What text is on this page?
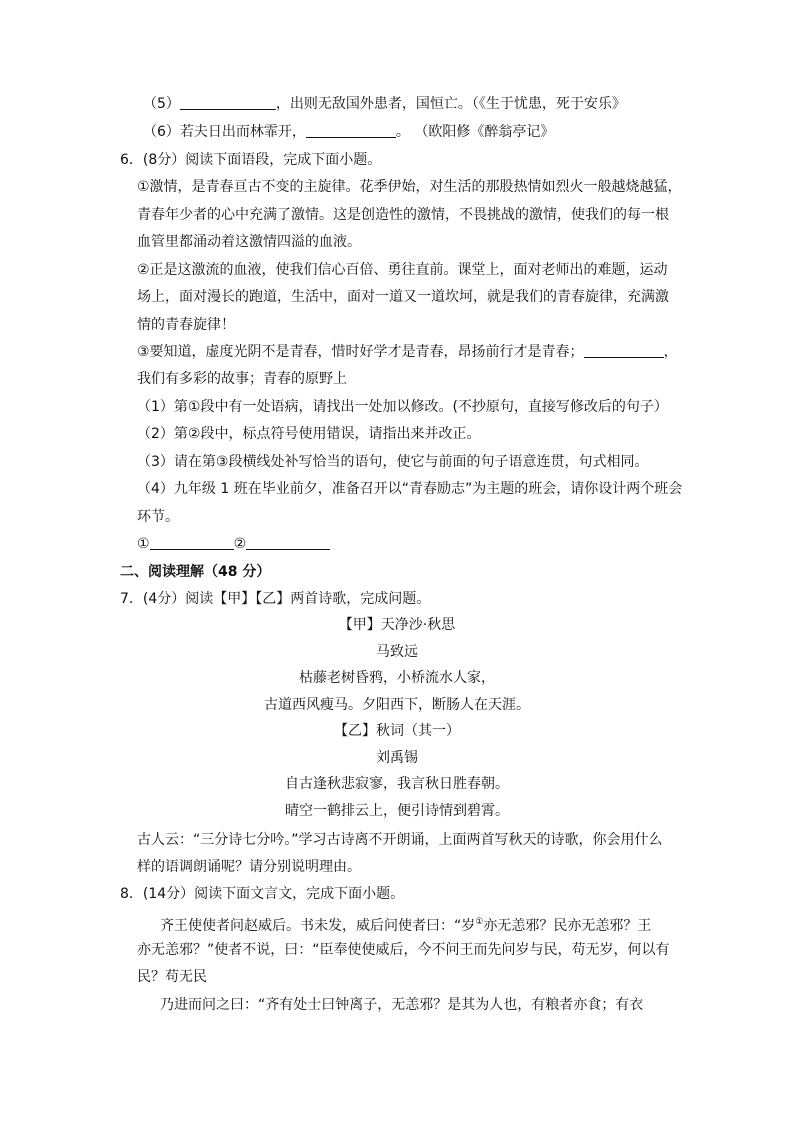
（5）	，出则无敌国外患者，国恒亡。（《生于忧患，死于安乐》
（6）若夫日出而林霏开，	。 （欧阳修《醉翁亭记》
6．(8分）阅读下面语段，完成下面小题。
①激情，是青春亘古不变的主旋律。花季伊始，对生活的那股热情如烈火一般越烧越猛，
青春年少者的心中充满了激情。这是创造性的激情，不畏挑战的激情，使我们的每一根
血管里都涌动着这激情四溢的血液。
②正是这激流的血液，使我们信心百倍、勇往直前。课堂上，面对老师出的难题，运动
场上，面对漫长的跑道，生活中，面对一道又一道坎坷，就是我们的青春旋律，充满激
情的青春旋律！
③要知道，虚度光阴不是青春，惜时好学才是青春，昂扬前行才是青春；	，
我们有多彩的故事；青春的原野上
（1）第①段中有一处语病，请找出一处加以修改。(不抄原句，直接写修改后的句子）
（2）第②段中，标点符号使用错误，请指出来并改正。
（3）请在第③段横线处补写恰当的语句，使它与前面的句子语意连贯，句式相同。
（4）九年级 1 班在毕业前夕，准备召开以“青春励志”为主题的班会，请你设计两个班会
环节。
①	②
二、阅读理解（48 分）
7．(4分）阅读【甲】【乙】两首诗歌，完成问题。
【甲】天净沙·秋思
马致远
枯藤老树昏鸦，小桥流水人家，
古道西风瘦马。夕阳西下，断肠人在天涯。
【乙】秋词（其一）
刘禹锡
自古逢秋悲寂寥，我言秋日胜春朝。
晴空一鹤排云上，便引诗情到碧霄。
古人云：“三分诗七分吟。”学习古诗离不开朗诵，上面两首写秋天的诗歌，你会用什么
样的语调朗诵呢？请分别说明理由。
8．(14分）阅读下面文言文，完成下面小题。
齐王使使者问赵威后。书未发，威后问使者曰：“岁①亦无恙邪？民亦无恙邪？王
亦无恙邪？”使者不说，曰：“臣奉使使威后，今不问王而先问岁与民，苟无岁，何以有
民？苟无民
乃进而问之曰：“齐有处士曰钟离子，无恙邪？是其为人也，有粮者亦食；有衣
